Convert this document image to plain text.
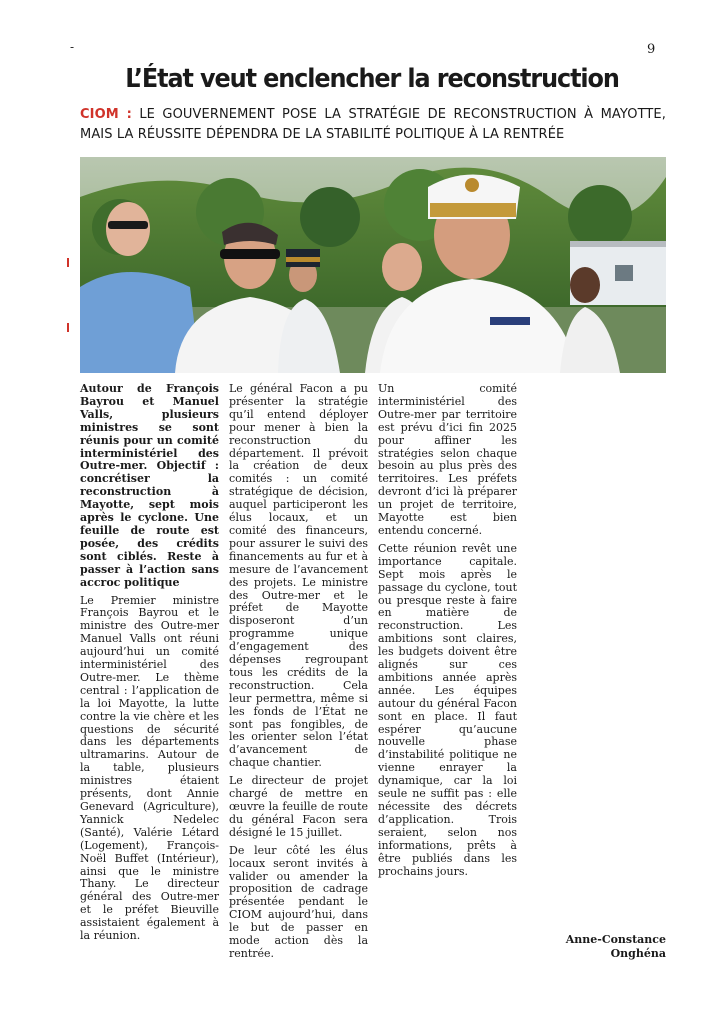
-	9
L’État veut enclencher la reconstruction
CIOM : LE GOUVERNEMENT POSE LA STRATÉGIE DE RECONSTRUCTION À MAYOTTE, MAIS LA RÉUSSITE DÉPENDRA DE LA STABILITÉ POLITIQUE À LA RENTRÉE

Autour de François Bayrou et Manuel Valls, plusieurs ministres se sont réunis pour un comité interministériel des Outre-mer. Objectif : concrétiser la reconstruction à Mayotte, sept mois après le cyclone. Une feuille de route est posée, des crédits sont ciblés. Reste à passer à l’action sans accroc politique

Le Premier ministre François Bayrou et le ministre des Outre-mer Manuel Valls ont réuni aujourd’hui un comité interministériel des Outre-mer. Le thème central : l’application de la loi Mayotte, la lutte contre la vie chère et les questions de sécurité dans les départements ultramarins. Autour de la table, plusieurs ministres étaient présents, dont Annie Genevard (Agriculture), Yannick Nedelec (Santé), Valérie Létard (Logement), François-Noël Buffet (Intérieur), ainsi que le ministre Thany. Le directeur général des Outre-mer et le préfet Bieuville assistaient également à la réunion.

Le général Facon a pu présenter la stratégie qu’il entend déployer pour mener à bien la reconstruction du département. Il prévoit la création de deux comités : un comité stratégique de décision, auquel participeront les élus locaux, et un comité des financeurs, pour assurer le suivi des financements au fur et à mesure de l’avancement des projets. Le ministre des Outre-mer et le préfet de Mayotte disposeront d’un programme unique d’engagement des dépenses regroupant tous les crédits de la reconstruction. Cela leur permettra, même si les fonds de l’État ne sont pas fongibles, de les orienter selon l’état d’avancement de chaque chantier.

Le directeur de projet chargé de mettre en œuvre la feuille de route du général Facon sera désigné le 15 juillet.

De leur côté les élus locaux seront invités à valider ou amender la proposition de cadrage présentée pendant le CIOM aujourd’hui, dans le but de passer en mode action dès la rentrée.

Un comité interministériel des Outre-mer par territoire est prévu d’ici fin 2025 pour affiner les stratégies selon chaque besoin au plus près des territoires. Les préfets devront d’ici là préparer un projet de territoire, Mayotte est bien entendu concerné.

Cette réunion revêt une importance capitale. Sept mois après le passage du cyclone, tout ou presque reste à faire en matière de reconstruction. Les ambitions sont claires, les budgets doivent être alignés sur ces ambitions année après année. Les équipes autour du général Facon sont en place. Il faut espérer qu’aucune nouvelle phase d’instabilité politique ne vienne enrayer la dynamique, car la loi seule ne suffit pas : elle nécessite des décrets d’application. Trois seraient, selon nos informations, prêts à être publiés dans les prochains jours.

Anne-Constance
Onghéna
